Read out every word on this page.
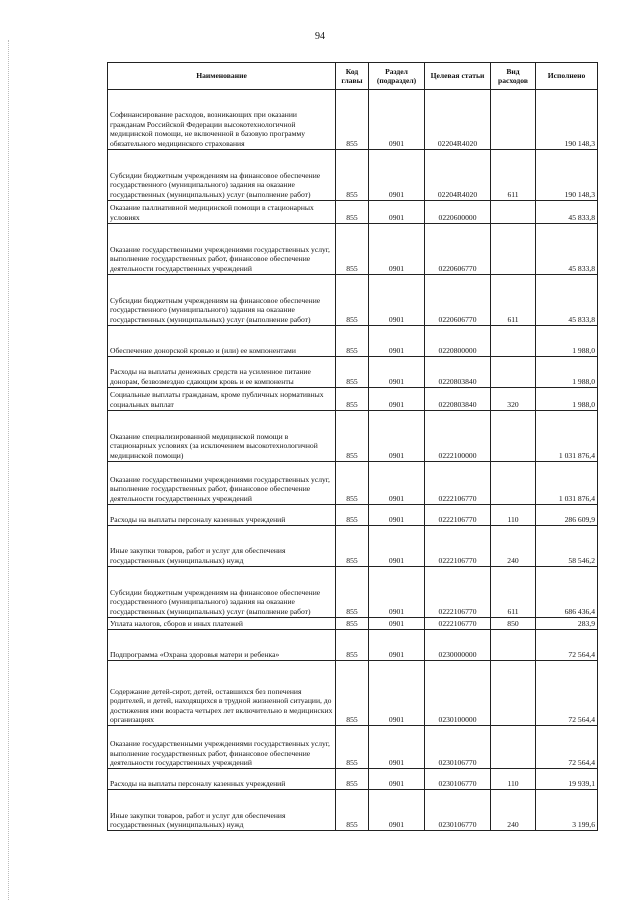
94
Наименование	Код главы	Раздел (подраздел)	Целевая статьи	Вид расходов	Исполнено
Софинансирование расходов, возникающих при оказании гражданам Российской Федерации высокотехнологичной медицинской помощи, не включенной в базовую программу обязательного медицинского страхования	855	0901	02204R4020		190 148,3
Субсидии бюджетным учреждениям на финансовое обеспечение государственного (муниципального) задания на оказание государственных (муниципальных) услуг (выполнение работ)	855	0901	02204R4020	611	190 148,3
Оказание паллиативной медицинской помощи в стационарных условиях	855	0901	0220600000		45 833,8
Оказание государственными учреждениями государственных услуг, выполнение государственных работ, финансовое обеспечение деятельности государственных учреждений	855	0901	0220606770		45 833,8
Субсидии бюджетным учреждениям на финансовое обеспечение государственного (муниципального) задания на оказание государственных (муниципальных) услуг (выполнение работ)	855	0901	0220606770	611	45 833,8
Обеспечение донорской кровью и (или) ее компонентами	855	0901	0220800000		1 988,0
Расходы на выплаты денежных средств на усиленное питание донорам, безвозмездно сдающим кровь и ее компоненты	855	0901	0220803840		1 988,0
Социальные выплаты гражданам, кроме публичных нормативных социальных выплат	855	0901	0220803840	320	1 988,0
Оказание специализированной медицинской помощи в стационарных условиях (за исключением высокотехнологичной медицинской помощи)	855	0901	0222100000		1 031 876,4
Оказание государственными учреждениями государственных услуг, выполнение государственных работ, финансовое обеспечение деятельности государственных учреждений	855	0901	0222106770		1 031 876,4
Расходы на выплаты персоналу казенных учреждений	855	0901	0222106770	110	286 609,9
Иные закупки товаров, работ и услуг для обеспечения государственных (муниципальных) нужд	855	0901	0222106770	240	58 546,2
Субсидии бюджетным учреждениям на финансовое обеспечение государственного (муниципального) задания на оказание государственных (муниципальных) услуг (выполнение работ)	855	0901	0222106770	611	686 436,4
Уплата налогов, сборов и иных платежей	855	0901	0222106770	850	283,9
Подпрограмма «Охрана здоровья матери и ребенка»	855	0901	0230000000		72 564,4
Содержание детей-сирот, детей, оставшихся без попечения родителей, и детей, находящихся в трудной жизненной ситуации, до достижения ими возраста четырех лет включительно в медицинских организациях	855	0901	0230100000		72 564,4
Оказание государственными учреждениями государственных услуг, выполнение государственных работ, финансовое обеспечение деятельности государственных учреждений	855	0901	0230106770		72 564,4
Расходы на выплаты персоналу казенных учреждений	855	0901	0230106770	110	19 939,1
Иные закупки товаров, работ и услуг для обеспечения государственных (муниципальных) нужд	855	0901	0230106770	240	3 199,6
